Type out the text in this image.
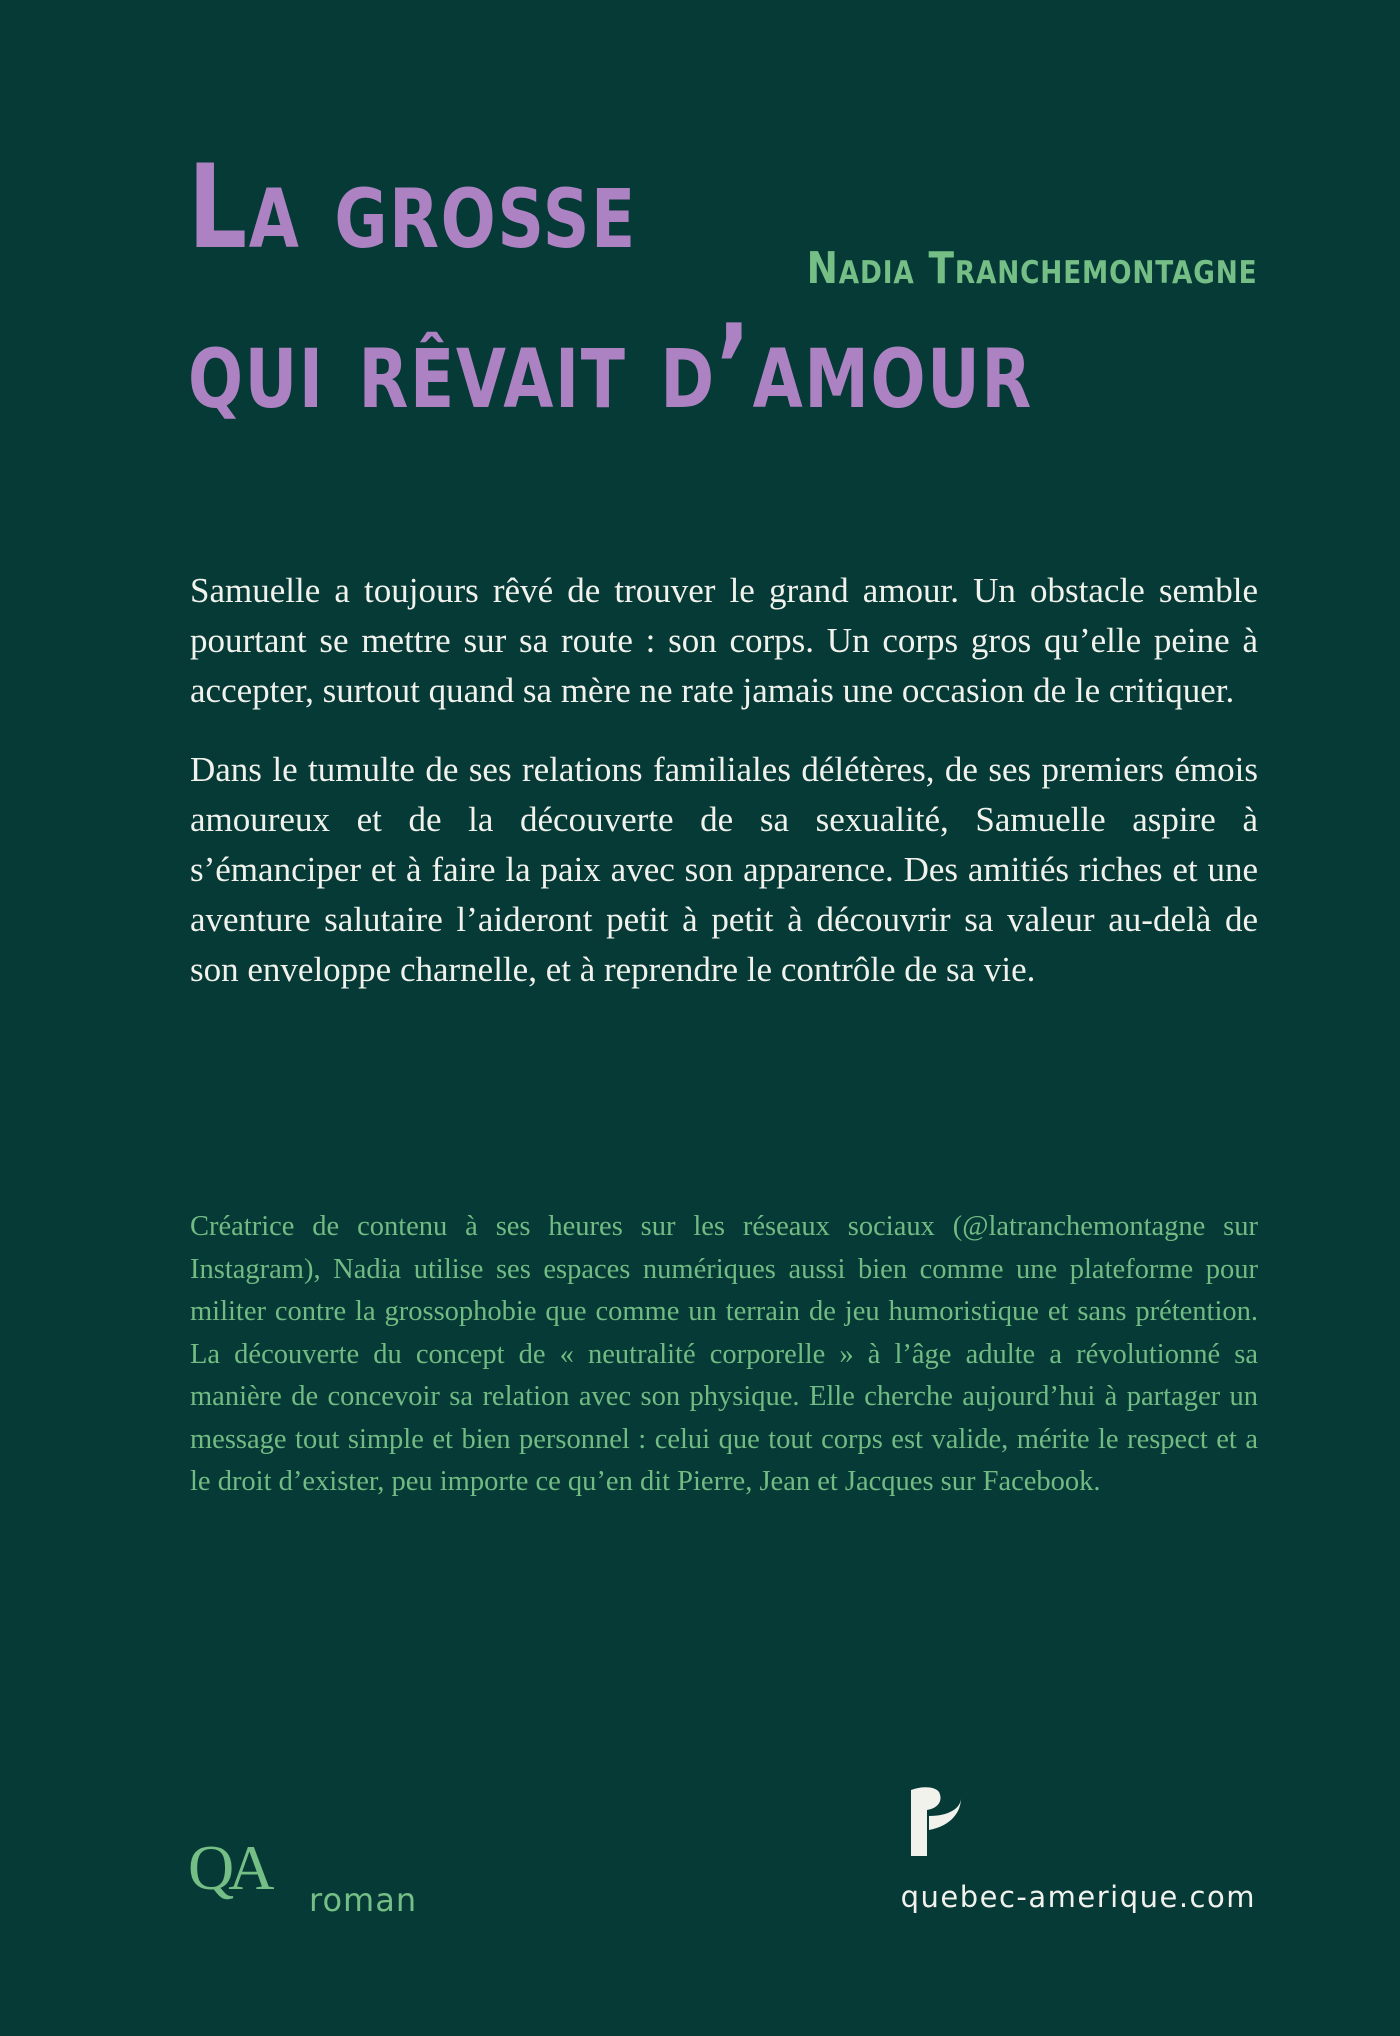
La grosse
qui rêvait d’amour
Nadia Tranchemontagne

Samuelle a toujours rêvé de trouver le grand amour. Un obstacle semble pourtant se mettre sur sa route : son corps. Un corps gros qu’elle peine à accepter, surtout quand sa mère ne rate jamais une occasion de le critiquer.

Dans le tumulte de ses relations familiales délétères, de ses premiers émois amoureux et de la découverte de sa sexualité, Samuelle aspire à s’émanciper et à faire la paix avec son apparence. Des amitiés riches et une aventure salutaire l’aideront petit à petit à découvrir sa valeur au-delà de son enveloppe charnelle, et à reprendre le contrôle de sa vie.

Créatrice de contenu à ses heures sur les réseaux sociaux (@latranchemontagne sur Instagram), Nadia utilise ses espaces numériques aussi bien comme une plateforme pour militer contre la grossophobie que comme un terrain de jeu humoristique et sans prétention. La découverte du concept de « neutralité corporelle » à l’âge adulte a révolutionné sa manière de concevoir sa relation avec son physique. Elle cherche aujourd’hui à partager un message tout simple et bien personnel : celui que tout corps est valide, mérite le respect et a le droit d’exister, peu importe ce qu’en dit Pierre, Jean et Jacques sur Facebook.

QA roman	quebec-amerique.com
